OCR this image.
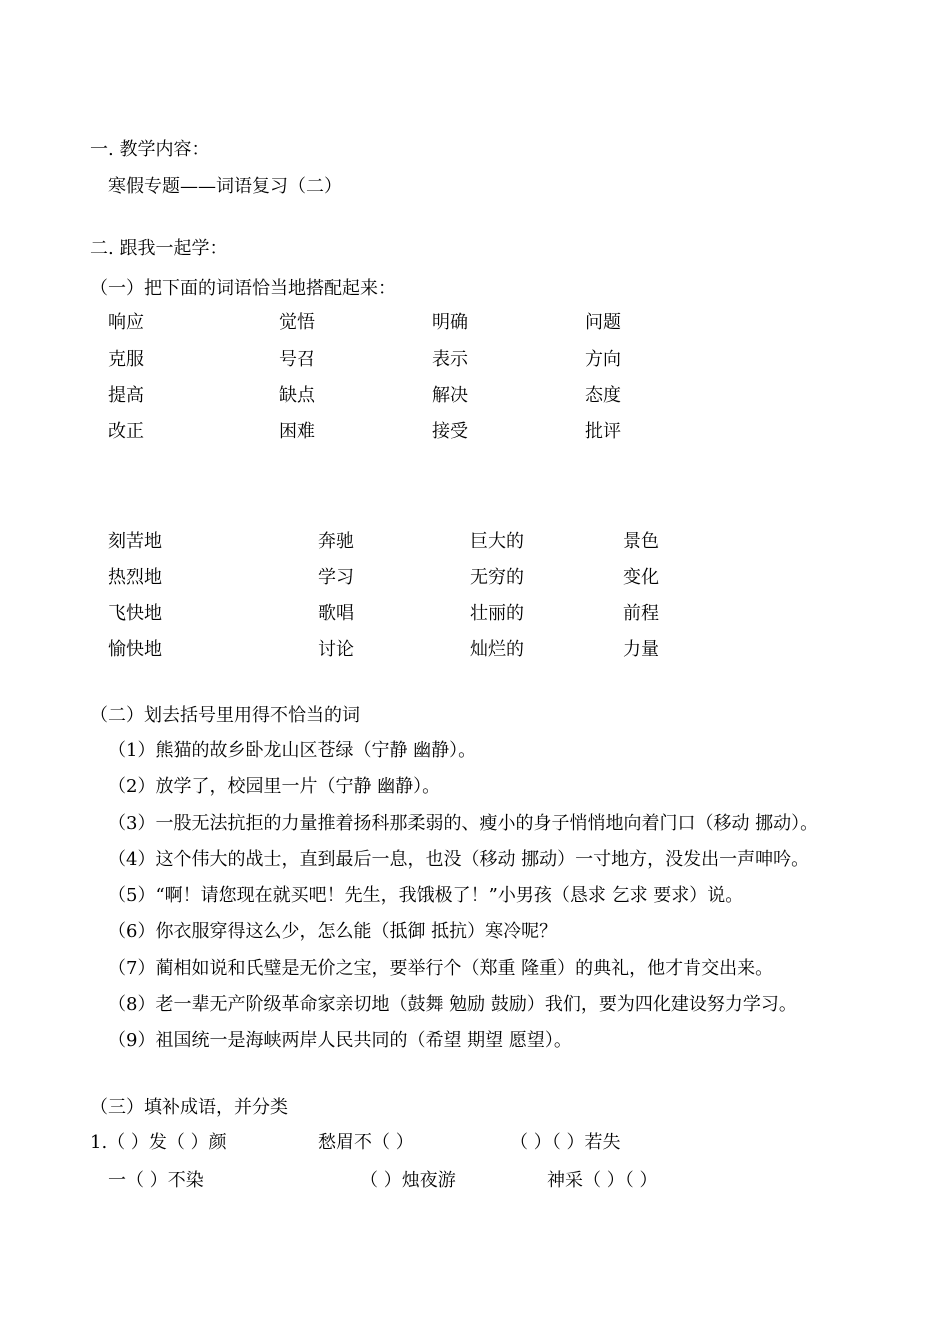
一. 教学内容：
寒假专题——词语复习（二）
二. 跟我一起学：
（一）把下面的词语恰当地搭配起来：
响应	觉悟	明确	问题
克服	号召	表示	方向
提高	缺点	解决	态度
改正	困难	接受	批评
刻苦地	奔驰	巨大的	景色
热烈地	学习	无穷的	变化
飞快地	歌唱	壮丽的	前程
愉快地	讨论	灿烂的	力量
（二）划去括号里用得不恰当的词
（1）熊猫的故乡卧龙山区苍绿（宁静 幽静）。
（2）放学了，校园里一片（宁静 幽静）。
（3）一股无法抗拒的力量推着扬科那柔弱的、瘦小的身子悄悄地向着门口（移动 挪动）。
（4）这个伟大的战士，直到最后一息，也没（移动 挪动）一寸地方，没发出一声呻吟。
（5）“啊！请您现在就买吧！先生，我饿极了！”小男孩（恳求 乞求 要求）说。
（6）你衣服穿得这么少，怎么能（抵御 抵抗）寒冷呢？
（7）蔺相如说和氏璧是无价之宝，要举行个（郑重 隆重）的典礼，他才肯交出来。
（8）老一辈无产阶级革命家亲切地（鼓舞 勉励 鼓励）我们，要为四化建设努力学习。
（9）祖国统一是海峡两岸人民共同的（希望 期望 愿望）。
（三）填补成语，并分类
1.（ ）发（ ）颜	愁眉不（ ）	（ ）（ ）若失
一（ ）不染	（ ）烛夜游	神采（ ）（ ）
